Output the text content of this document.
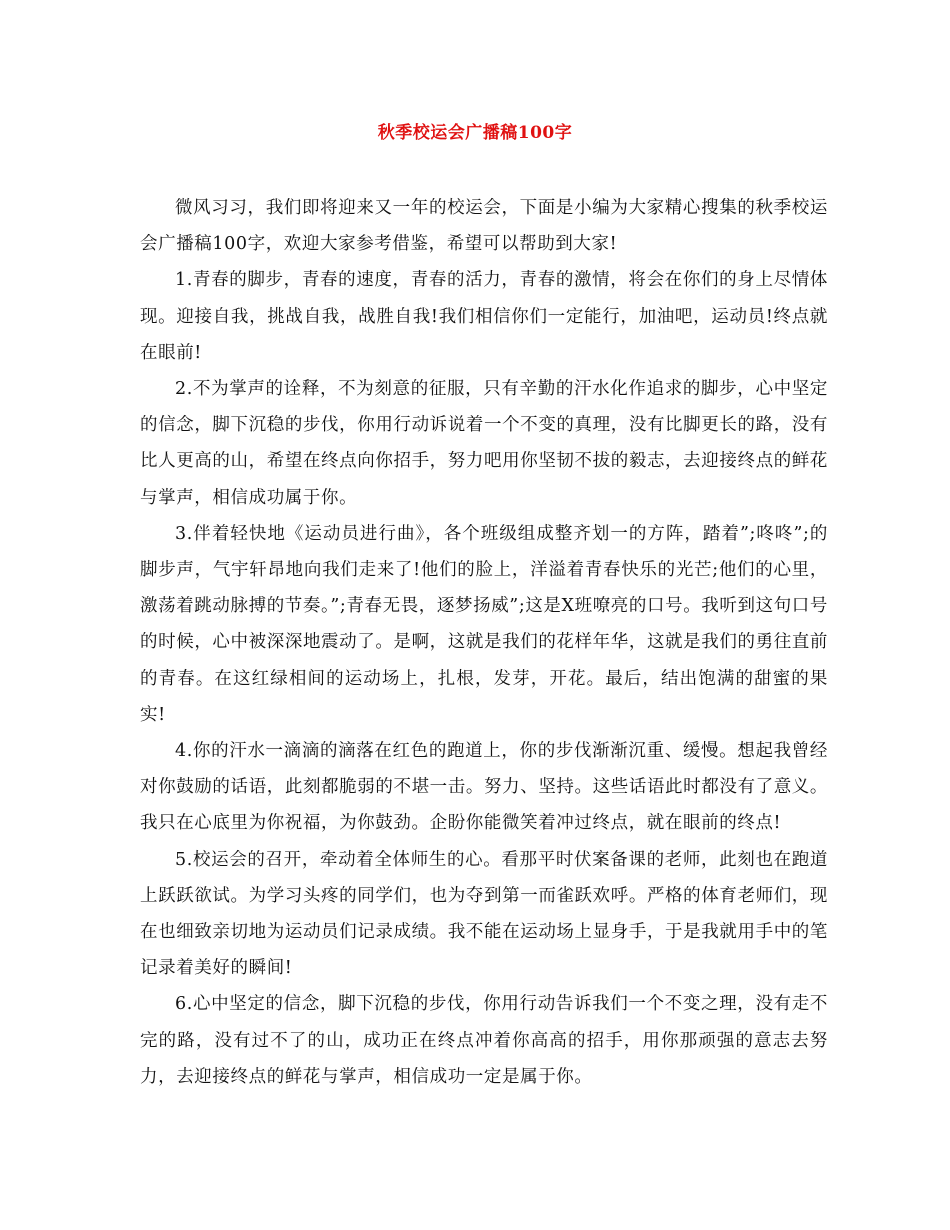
秋季校运会广播稿100字

微风习习，我们即将迎来又一年的校运会，下面是小编为大家精心搜集的秋季校运会广播稿100字，欢迎大家参考借鉴，希望可以帮助到大家!

1.青春的脚步，青春的速度，青春的活力，青春的激情，将会在你们的身上尽情体现。迎接自我，挑战自我，战胜自我!我们相信你们一定能行，加油吧，运动员!终点就在眼前!

2.不为掌声的诠释，不为刻意的征服，只有辛勤的汗水化作追求的脚步，心中坚定的信念，脚下沉稳的步伐，你用行动诉说着一个不变的真理，没有比脚更长的路，没有比人更高的山，希望在终点向你招手，努力吧用你坚韧不拔的毅志，去迎接终点的鲜花与掌声，相信成功属于你。

3.伴着轻快地《运动员进行曲》，各个班级组成整齐划一的方阵，踏着”;咚咚”;的脚步声，气宇轩昂地向我们走来了!他们的脸上，洋溢着青春快乐的光芒;他们的心里，激荡着跳动脉搏的节奏。”;青春无畏，逐梦扬威”;这是X班嘹亮的口号。我听到这句口号的时候，心中被深深地震动了。是啊，这就是我们的花样年华，这就是我们的勇往直前的青春。在这红绿相间的运动场上，扎根，发芽，开花。最后，结出饱满的甜蜜的果实!

4.你的汗水一滴滴的滴落在红色的跑道上，你的步伐渐渐沉重、缓慢。想起我曾经对你鼓励的话语，此刻都脆弱的不堪一击。努力、坚持。这些话语此时都没有了意义。我只在心底里为你祝福，为你鼓劲。企盼你能微笑着冲过终点，就在眼前的终点!

5.校运会的召开，牵动着全体师生的心。看那平时伏案备课的老师，此刻也在跑道上跃跃欲试。为学习头疼的同学们，也为夺到第一而雀跃欢呼。严格的体育老师们，现在也细致亲切地为运动员们记录成绩。我不能在运动场上显身手，于是我就用手中的笔记录着美好的瞬间!

6.心中坚定的信念，脚下沉稳的步伐，你用行动告诉我们一个不变之理，没有走不完的路，没有过不了的山，成功正在终点冲着你高高的招手，用你那顽强的意志去努力，去迎接终点的鲜花与掌声，相信成功一定是属于你。
